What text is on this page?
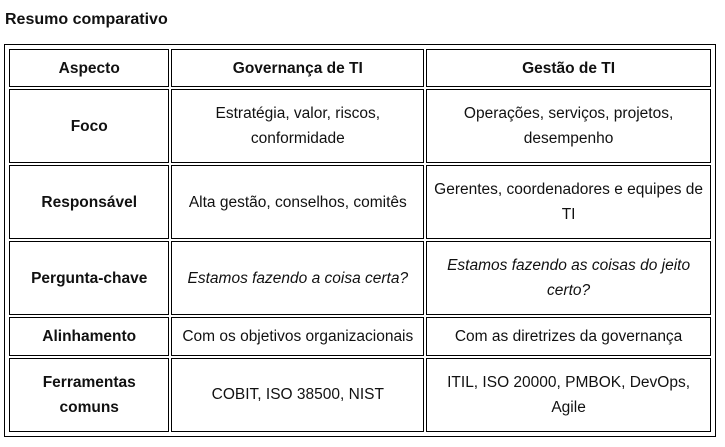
Resumo comparativo
Aspecto	Governança de TI	Gestão de TI
Foco	Estratégia, valor, riscos, conformidade	Operações, serviços, projetos, desempenho
Responsável	Alta gestão, conselhos, comitês	Gerentes, coordenadores e equipes de TI
Pergunta-chave	Estamos fazendo a coisa certa?	Estamos fazendo as coisas do jeito certo?
Alinhamento	Com os objetivos organizacionais	Com as diretrizes da governança
Ferramentas comuns	COBIT, ISO 38500, NIST	ITIL, ISO 20000, PMBOK, DevOps, Agile
